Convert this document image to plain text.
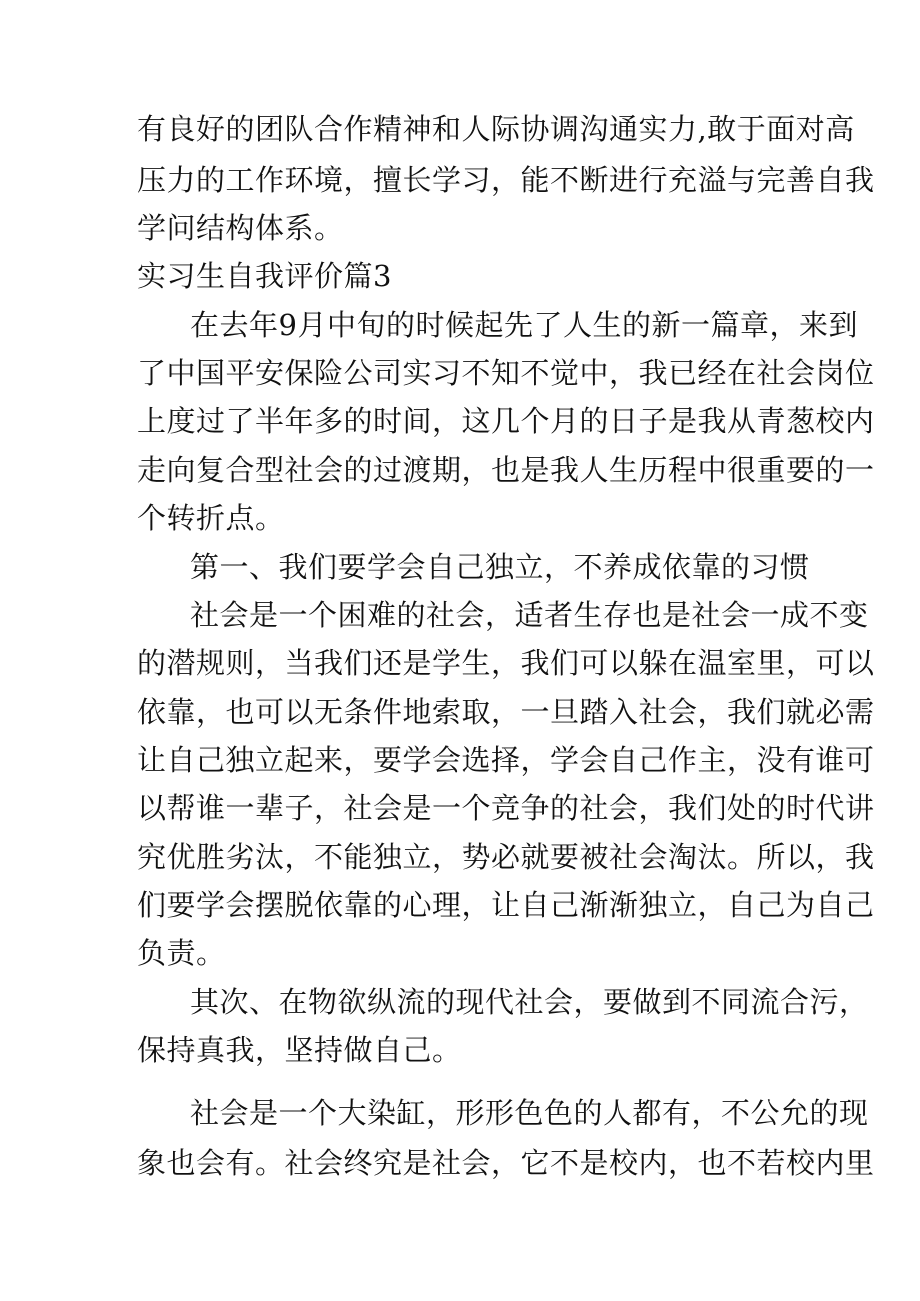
有良好的团队合作精神和人际协调沟通实力,敢于面对高
压力的工作环境，擅长学习，能不断进行充溢与完善自我
学问结构体系。
实习生自我评价篇3
在去年9月中旬的时候起先了人生的新一篇章，来到
了中国平安保险公司实习不知不觉中，我已经在社会岗位
上度过了半年多的时间，这几个月的日子是我从青葱校内
走向复合型社会的过渡期，也是我人生历程中很重要的一
个转折点。
第一、我们要学会自己独立，不养成依靠的习惯
社会是一个困难的社会，适者生存也是社会一成不变
的潜规则，当我们还是学生，我们可以躲在温室里，可以
依靠，也可以无条件地索取，一旦踏入社会，我们就必需
让自己独立起来，要学会选择，学会自己作主，没有谁可
以帮谁一辈子，社会是一个竞争的社会，我们处的时代讲
究优胜劣汰，不能独立，势必就要被社会淘汰。所以，我
们要学会摆脱依靠的心理，让自己渐渐独立，自己为自己
负责。
其次、在物欲纵流的现代社会，要做到不同流合污，
保持真我，坚持做自己。
社会是一个大染缸，形形色色的人都有，不公允的现
象也会有。社会终究是社会，它不是校内，也不若校内里
